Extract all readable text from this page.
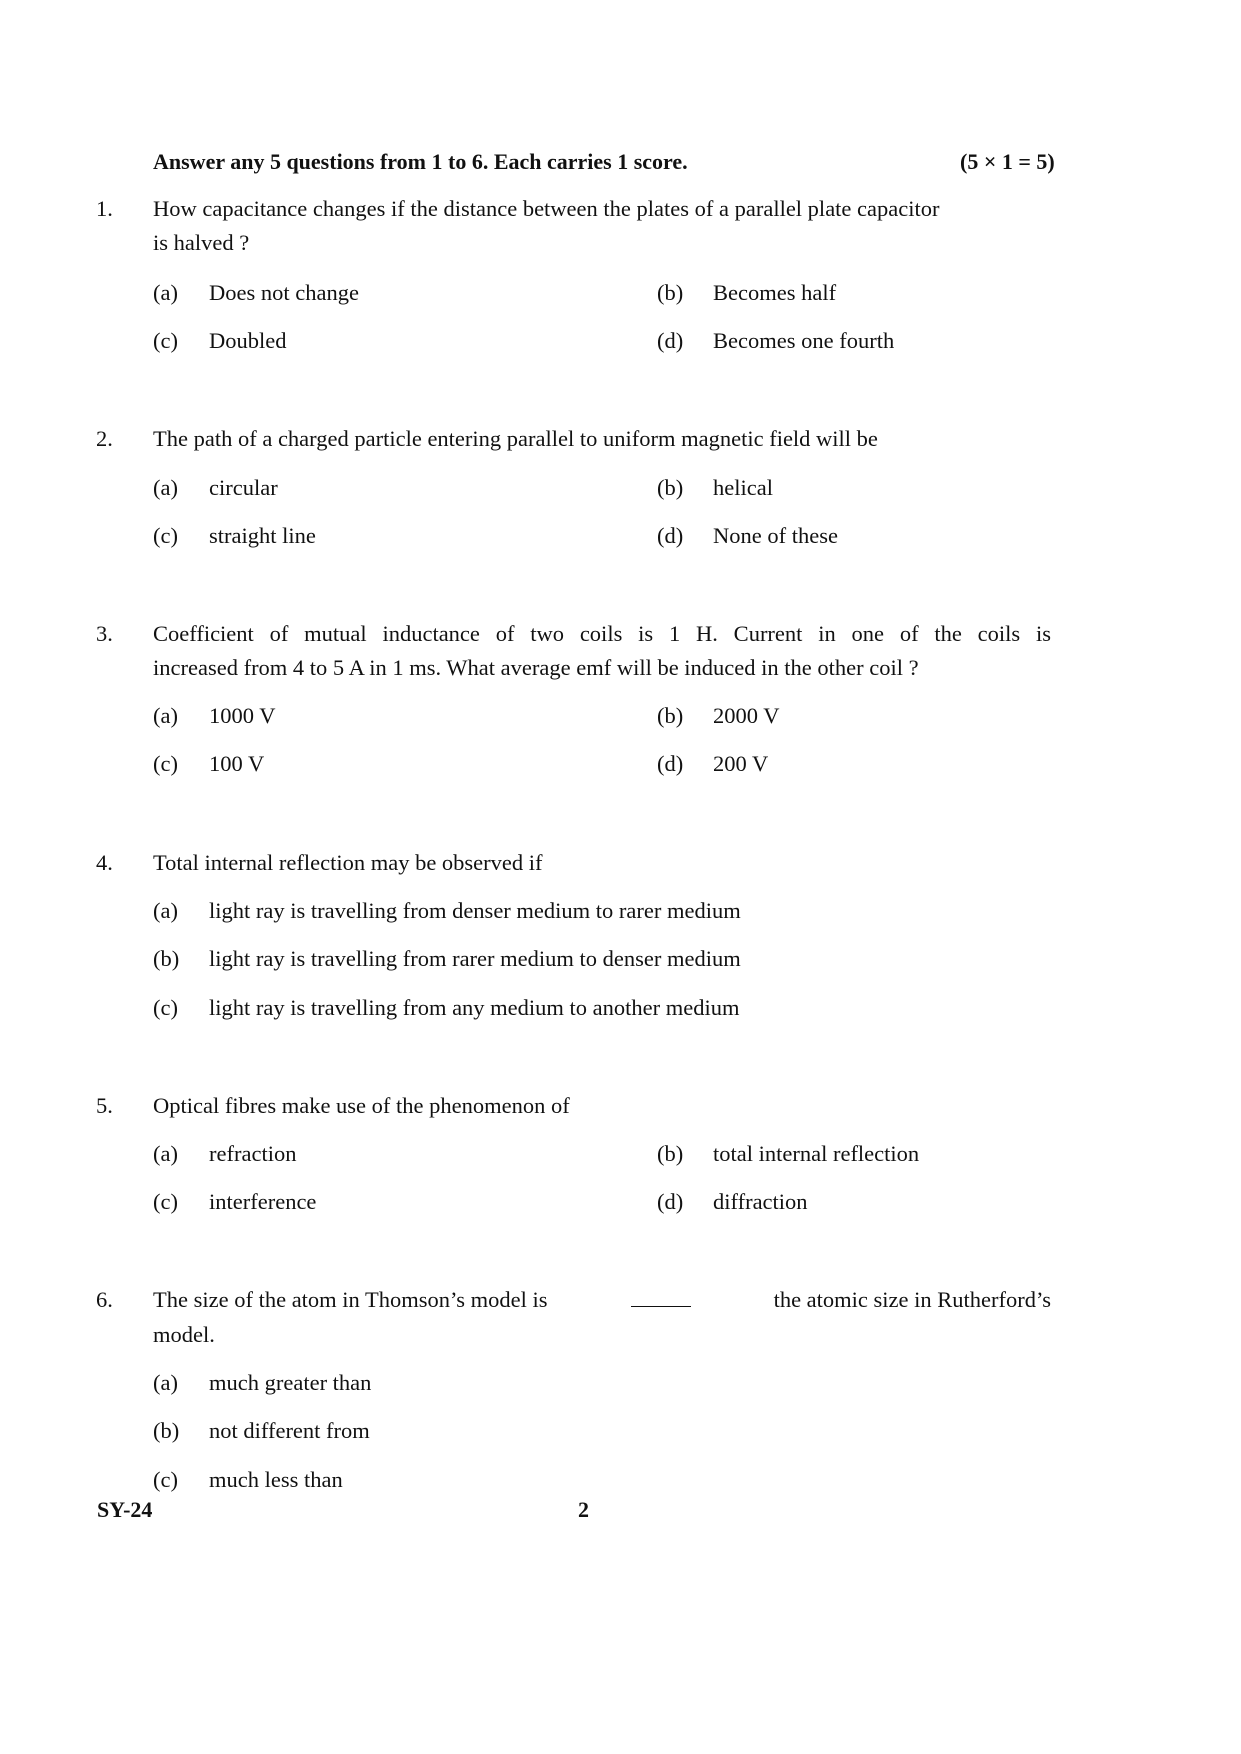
Answer any 5 questions from 1 to 6. Each carries 1 score.	(5 × 1 = 5)
1. How capacitance changes if the distance between the plates of a parallel plate capacitor
is halved ?
(a) Does not change	(b) Becomes half
(c) Doubled	(d) Becomes one fourth
2. The path of a charged particle entering parallel to uniform magnetic field will be
(a) circular	(b) helical
(c) straight line	(d) None of these
3. Coefficient of mutual inductance of two coils is 1 H. Current in one of the coils is
increased from 4 to 5 A in 1 ms. What average emf will be induced in the other coil ?
(a) 1000 V	(b) 2000 V
(c) 100 V	(d) 200 V
4. Total internal reflection may be observed if
(a) light ray is travelling from denser medium to rarer medium
(b) light ray is travelling from rarer medium to denser medium
(c) light ray is travelling from any medium to another medium
5. Optical fibres make use of the phenomenon of
(a) refraction	(b) total internal reflection
(c) interference	(d) diffraction
6. The size of the atom in Thomson’s model is	the atomic size in Rutherford’s
model.
(a) much greater than
(b) not different from
(c) much less than
SY-24	2
